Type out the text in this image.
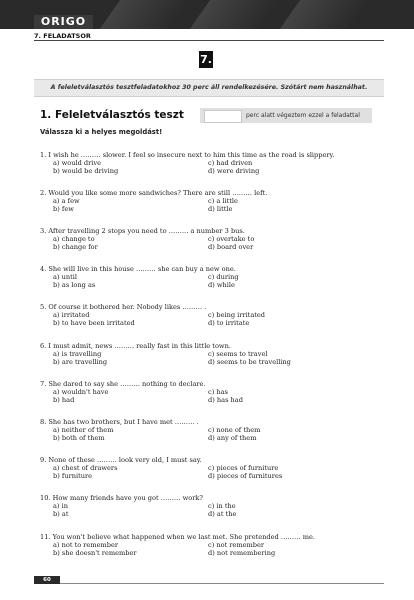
ORIGO
7. FELADATSOR
7.
A feleletválasztós tesztfeladatokhoz 30 perc áll rendelkezésére. Szótárt nem használhat.
1. Feleletválasztós teszt	perc alatt végeztem ezzel a feladattal
Válassza ki a helyes megoldást!
1. I wish he ……… slower. I feel so insecure next to him this time as the road is slippery.
a) would drive	c) had driven
b) would be driving	d) were driving
2. Would you like some more sandwiches? There are still ……… left.
a) a few	c) a little
b) few	d) little
3. After travelling 2 stops you need to ……… a number 3 bus.
a) change to	c) overtake to
b) change for	d) board over
4. She will live in this house ……… she can buy a new one.
a) until	c) during
b) as long as	d) while
5. Of course it bothered her. Nobody likes ……… .
a) irritated	c) being irritated
b) to have been irritated	d) to irritate
6. I must admit, news ……… really fast in this little town.
a) is travelling	c) seems to travel
b) are travelling	d) seems to be travelling
7. She dared to say she ……… nothing to declare.
a) wouldn't have	c) has
b) had	d) has had
8. She has two brothers, but I have met ……… .
a) neither of them	c) none of them
b) both of them	d) any of them
9. None of these ……… look very old, I must say.
a) chest of drawers	c) pieces of furniture
b) furniture	d) pieces of furnitures
10. How many friends have you got ……… work?
a) in	c) in the
b) at	d) at the
11. You won't believe what happened when we last met. She pretended ……… me.
a) not to remember	c) not remember
b) she doesn't remember	d) not remembering
60
